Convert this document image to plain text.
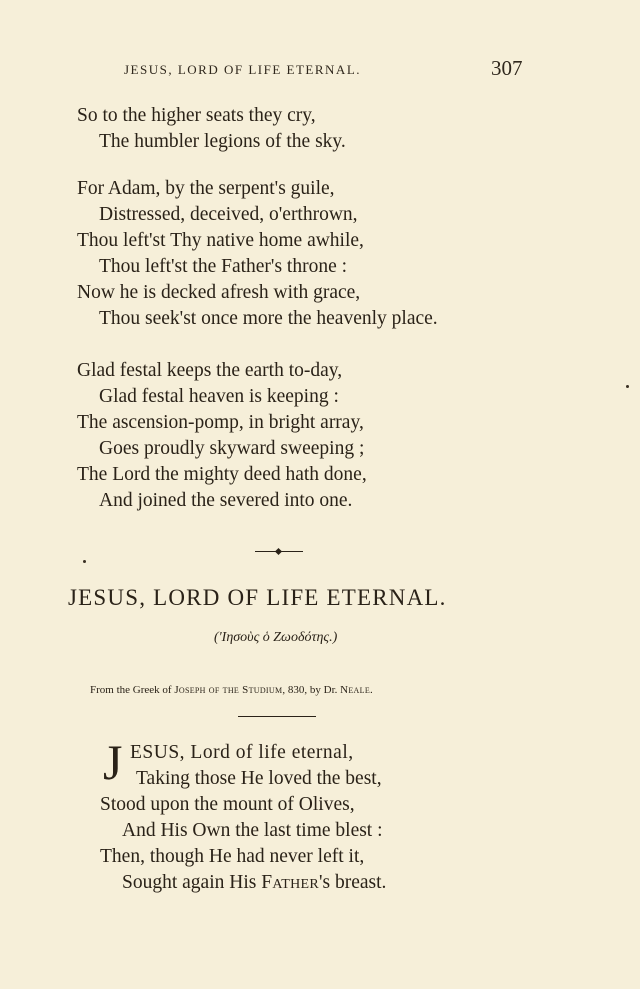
JESUS, LORD OF LIFE ETERNAL.	307
So to the higher seats they cry,
The humbler legions of the sky.
For Adam, by the serpent's guile,
Distressed, deceived, o'erthrown,
Thou left'st Thy native home awhile,
Thou left'st the Father's throne :
Now he is decked afresh with grace,
Thou seek'st once more the heavenly place.
Glad festal keeps the earth to-day,
Glad festal heaven is keeping :
The ascension-pomp, in bright array,
Goes proudly skyward sweeping ;
The Lord the mighty deed hath done,
And joined the severed into one.
JESUS, LORD OF LIFE ETERNAL.
('Ιησοὺς ὁ Ζωοδότης.)
From the Greek of Joseph of the Studium, 830, by Dr. Neale.
J ESUS, Lord of life eternal,
Taking those He loved the best,
Stood upon the mount of Olives,
And His Own the last time blest :
Then, though He had never left it,
Sought again His Father's breast.
